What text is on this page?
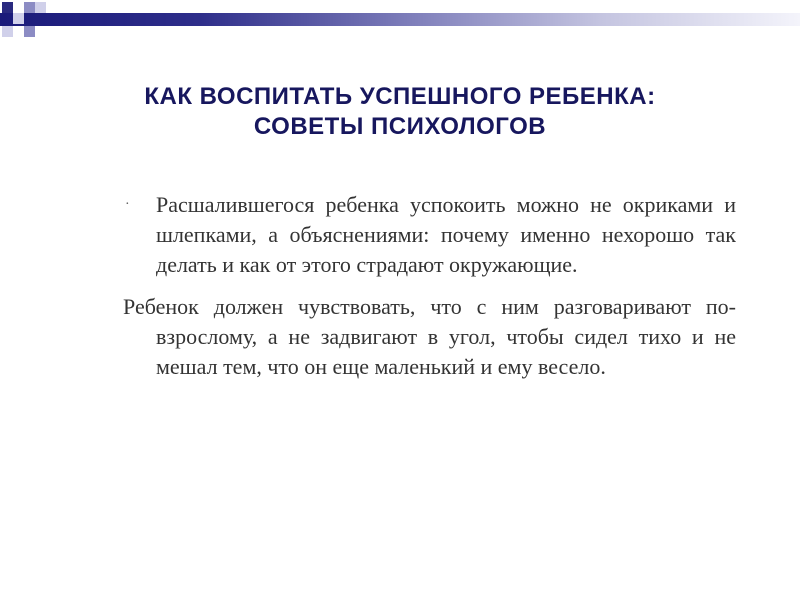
КАК ВОСПИТАТЬ УСПЕШНОГО РЕБЕНКА:
СОВЕТЫ ПСИХОЛОГОВ

· Расшалившегося ребенка успокоить можно не окриками и шлепками, а объяснениями: почему именно нехорошо так делать и как от этого страдают окружающие.

Ребенок должен чувствовать, что с ним разговаривают по-взрослому, а не задвигают в угол, чтобы сидел тихо и не мешал тем, что он еще маленький и ему весело.
